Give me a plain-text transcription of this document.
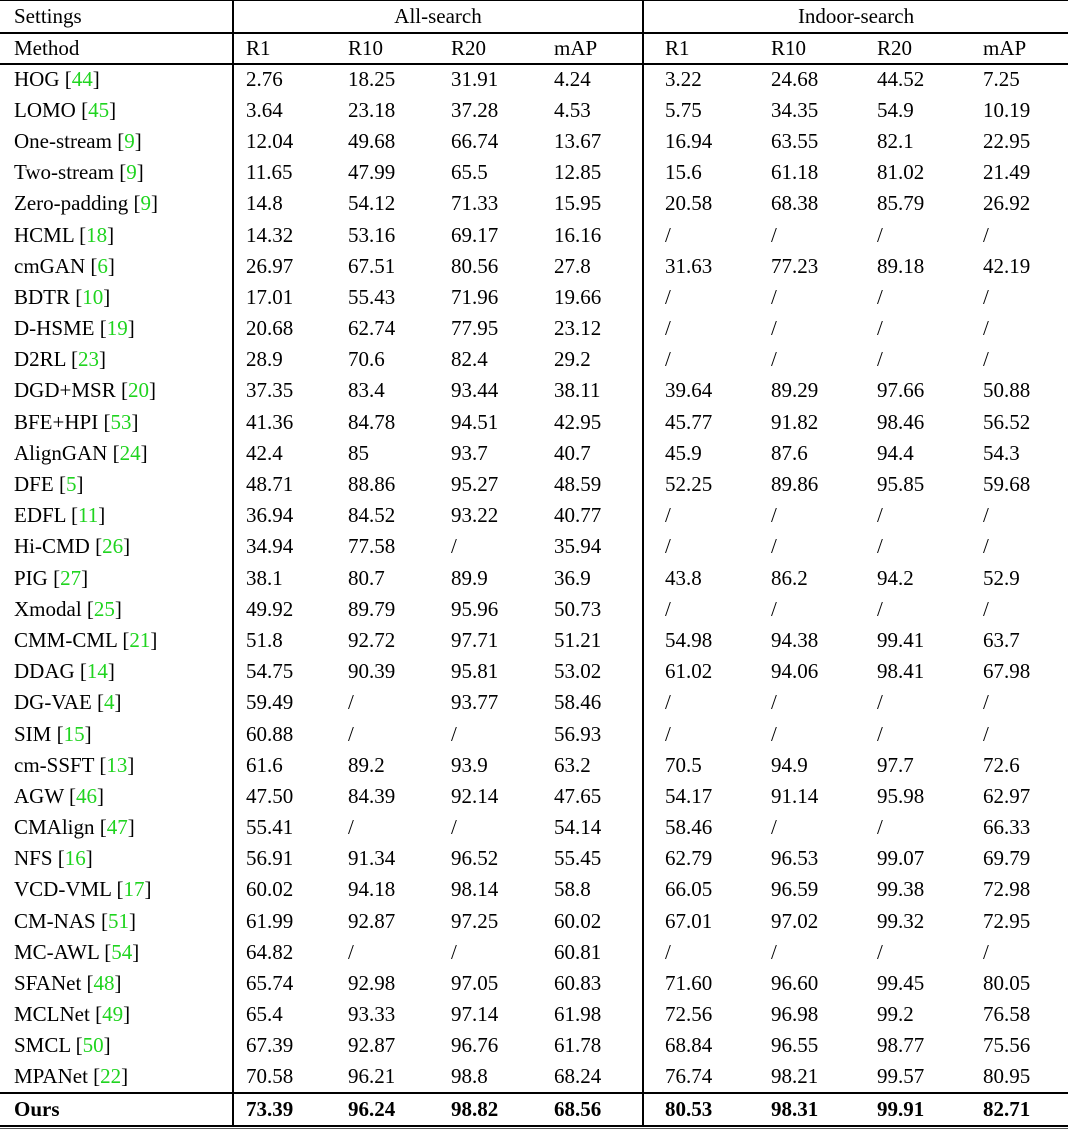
Settings	All-search				Indoor-search			
Method	R1	R10	R20	mAP	R1	R10	R20	mAP
HOG [44]	2.76	18.25	31.91	4.24	3.22	24.68	44.52	7.25
LOMO [45]	3.64	23.18	37.28	4.53	5.75	34.35	54.9	10.19
One-stream [9]	12.04	49.68	66.74	13.67	16.94	63.55	82.1	22.95
Two-stream [9]	11.65	47.99	65.5	12.85	15.6	61.18	81.02	21.49
Zero-padding [9]	14.8	54.12	71.33	15.95	20.58	68.38	85.79	26.92
HCML [18]	14.32	53.16	69.17	16.16	/	/	/	/
cmGAN [6]	26.97	67.51	80.56	27.8	31.63	77.23	89.18	42.19
BDTR [10]	17.01	55.43	71.96	19.66	/	/	/	/
D-HSME [19]	20.68	62.74	77.95	23.12	/	/	/	/
D2RL [23]	28.9	70.6	82.4	29.2	/	/	/	/
DGD+MSR [20]	37.35	83.4	93.44	38.11	39.64	89.29	97.66	50.88
BFE+HPI [53]	41.36	84.78	94.51	42.95	45.77	91.82	98.46	56.52
AlignGAN [24]	42.4	85	93.7	40.7	45.9	87.6	94.4	54.3
DFE [5]	48.71	88.86	95.27	48.59	52.25	89.86	95.85	59.68
EDFL [11]	36.94	84.52	93.22	40.77	/	/	/	/
Hi-CMD [26]	34.94	77.58	/	35.94	/	/	/	/
PIG [27]	38.1	80.7	89.9	36.9	43.8	86.2	94.2	52.9
Xmodal [25]	49.92	89.79	95.96	50.73	/	/	/	/
CMM-CML [21]	51.8	92.72	97.71	51.21	54.98	94.38	99.41	63.7
DDAG [14]	54.75	90.39	95.81	53.02	61.02	94.06	98.41	67.98
DG-VAE [4]	59.49	/	93.77	58.46	/	/	/	/
SIM [15]	60.88	/	/	56.93	/	/	/	/
cm-SSFT [13]	61.6	89.2	93.9	63.2	70.5	94.9	97.7	72.6
AGW [46]	47.50	84.39	92.14	47.65	54.17	91.14	95.98	62.97
CMAlign [47]	55.41	/	/	54.14	58.46	/	/	66.33
NFS [16]	56.91	91.34	96.52	55.45	62.79	96.53	99.07	69.79
VCD-VML [17]	60.02	94.18	98.14	58.8	66.05	96.59	99.38	72.98
CM-NAS [51]	61.99	92.87	97.25	60.02	67.01	97.02	99.32	72.95
MC-AWL [54]	64.82	/	/	60.81	/	/	/	/
SFANet [48]	65.74	92.98	97.05	60.83	71.60	96.60	99.45	80.05
MCLNet [49]	65.4	93.33	97.14	61.98	72.56	96.98	99.2	76.58
SMCL [50]	67.39	92.87	96.76	61.78	68.84	96.55	98.77	75.56
MPANet [22]	70.58	96.21	98.8	68.24	76.74	98.21	99.57	80.95
Ours	73.39	96.24	98.82	68.56	80.53	98.31	99.91	82.71
